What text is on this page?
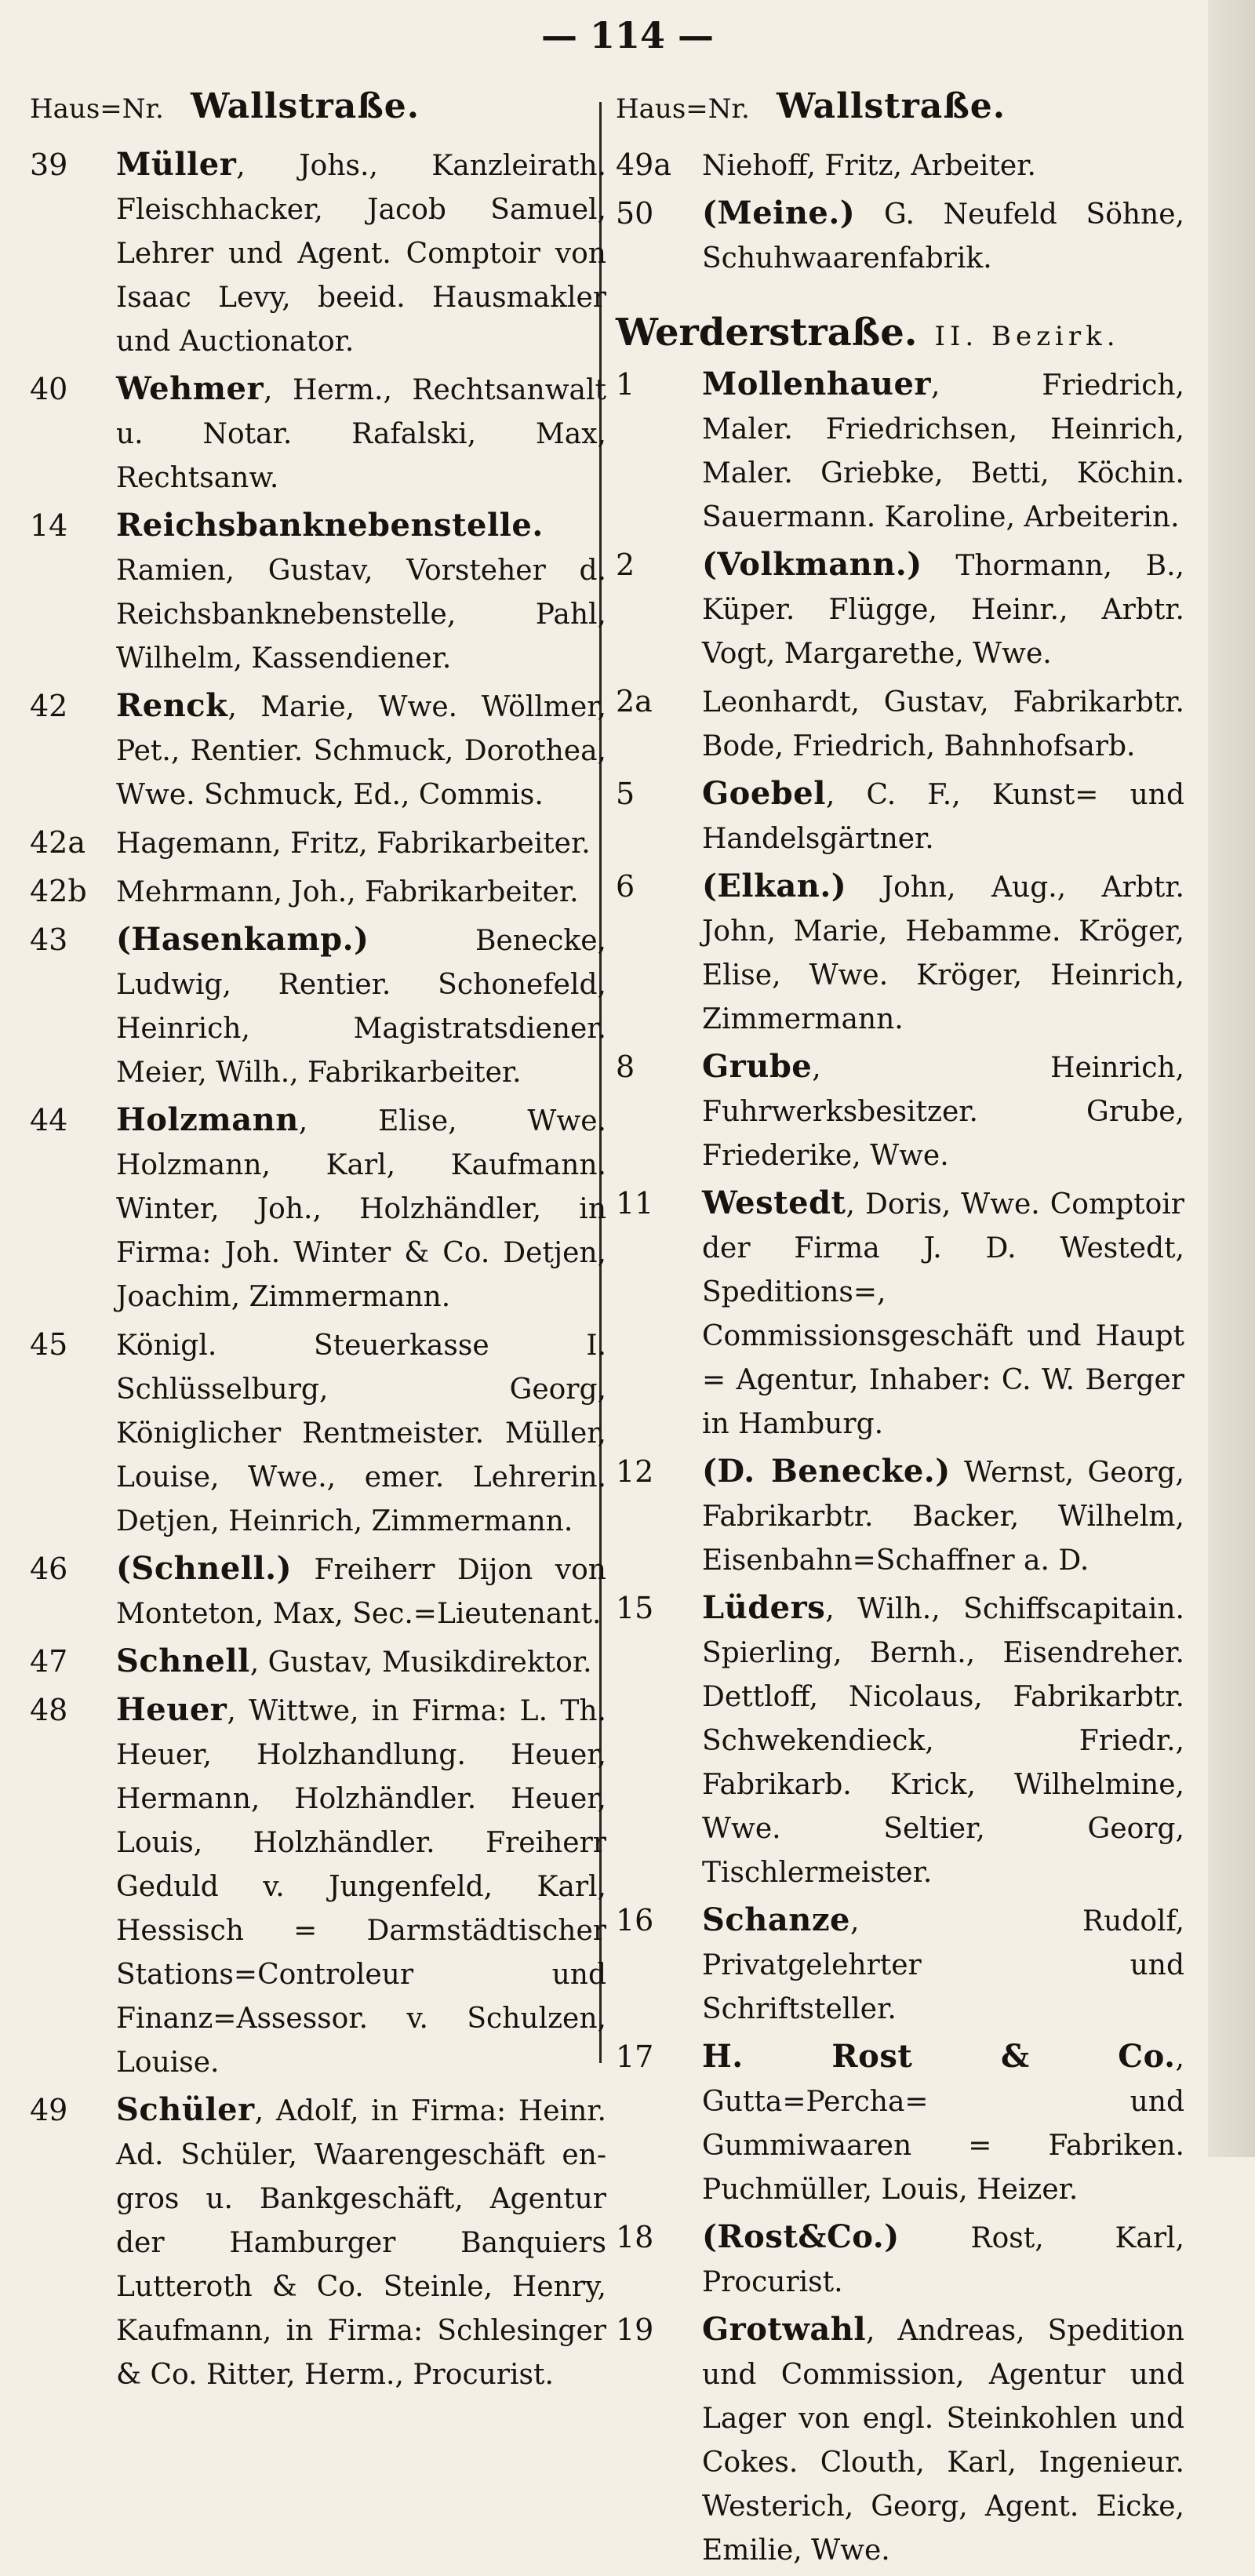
— 114 —
Haus=Nr. Wallstraße.
39	Müller, Johs., Kanzleirath. Fleischhacker, Jacob Samuel, Lehrer und Agent. Comptoir von Isaac Levy, beeid. Hausmakler und Auctionator.
40	Wehmer, Herm., Rechtsanwalt u. Notar. Rafalski, Max, Rechtsanw.
14	Reichsbanknebenstelle. Ramien, Gustav, Vorsteher d. Reichsbanknebenstelle, Pahl, Wilhelm, Kassendiener.
42	Renck, Marie, Wwe. Wöllmer, Pet., Rentier. Schmuck, Dorothea, Wwe. Schmuck, Ed., Commis.
42a	Hagemann, Fritz, Fabrikarbeiter.
42b	Mehrmann, Joh., Fabrikarbeiter.
43	(Hasenkamp.) Benecke, Ludwig, Rentier. Schonefeld, Heinrich, Magistratsdiener. Meier, Wilh., Fabrikarbeiter.
44	Holzmann, Elise, Wwe. Holzmann, Karl, Kaufmann. Winter, Joh., Holzhändler, in Firma: Joh. Winter & Co. Detjen, Joachim, Zimmermann.
45	Königl. Steuerkasse I. Schlüsselburg, Georg, Königlicher Rentmeister. Müller, Louise, Wwe., emer. Lehrerin. Detjen, Heinrich, Zimmermann.
46	(Schnell.) Freiherr Dijon von Monteton, Max, Sec.=Lieutenant.
47	Schnell, Gustav, Musikdirektor.
48	Heuer, Wittwe, in Firma: L. Th. Heuer, Holzhandlung. Heuer, Hermann, Holzhändler. Heuer, Louis, Holzhändler. Freiherr Geduld v. Jungenfeld, Karl, Hessisch = Darmstädtischer Stations=Controleur und Finanz=Assessor. v. Schulzen, Louise.
49	Schüler, Adolf, in Firma: Heinr. Ad. Schüler, Waarengeschäft en-gros u. Bankgeschäft, Agentur der Hamburger Banquiers Lutteroth & Co. Steinle, Henry, Kaufmann, in Firma: Schlesinger & Co. Ritter, Herm., Procurist.
Haus=Nr. Wallstraße.
49a	Niehoff, Fritz, Arbeiter.
50	(Meine.) G. Neufeld Söhne, Schuhwaarenfabrik.
Werderstraße. II. Bezirk.
1	Mollenhauer, Friedrich, Maler. Friedrichsen, Heinrich, Maler. Griebke, Betti, Köchin. Sauermann. Karoline, Arbeiterin.
2	(Volkmann.) Thormann, B., Küper. Flügge, Heinr., Arbtr. Vogt, Margarethe, Wwe.
2a	Leonhardt, Gustav, Fabrikarbtr. Bode, Friedrich, Bahnhofsarb.
5	Goebel, C. F., Kunst= und Handelsgärtner.
6	(Elkan.) John, Aug., Arbtr. John, Marie, Hebamme. Kröger, Elise, Wwe. Kröger, Heinrich, Zimmermann.
8	Grube, Heinrich, Fuhrwerksbesitzer. Grube, Friederike, Wwe.
11	Westedt, Doris, Wwe. Comptoir der Firma J. D. Westedt, Speditions=, Commissionsgeschäft und Haupt = Agentur, Inhaber: C. W. Berger in Hamburg.
12	(D. Benecke.) Wernst, Georg, Fabrikarbtr. Backer, Wilhelm, Eisenbahn=Schaffner a. D.
15	Lüders, Wilh., Schiffscapitain. Spierling, Bernh., Eisendreher. Dettloff, Nicolaus, Fabrikarbtr. Schwekendieck, Friedr., Fabrikarb. Krick, Wilhelmine, Wwe. Seltier, Georg, Tischlermeister.
16	Schanze, Rudolf, Privatgelehrter und Schriftsteller.
17	H. Rost & Co., Gutta=Percha= und Gummiwaaren = Fabriken. Puchmüller, Louis, Heizer.
18	(Rost&Co.) Rost, Karl, Procurist.
19	Grotwahl, Andreas, Spedition und Commission, Agentur und Lager von engl. Steinkohlen und Cokes. Clouth, Karl, Ingenieur. Westerich, Georg, Agent. Eicke, Emilie, Wwe.
